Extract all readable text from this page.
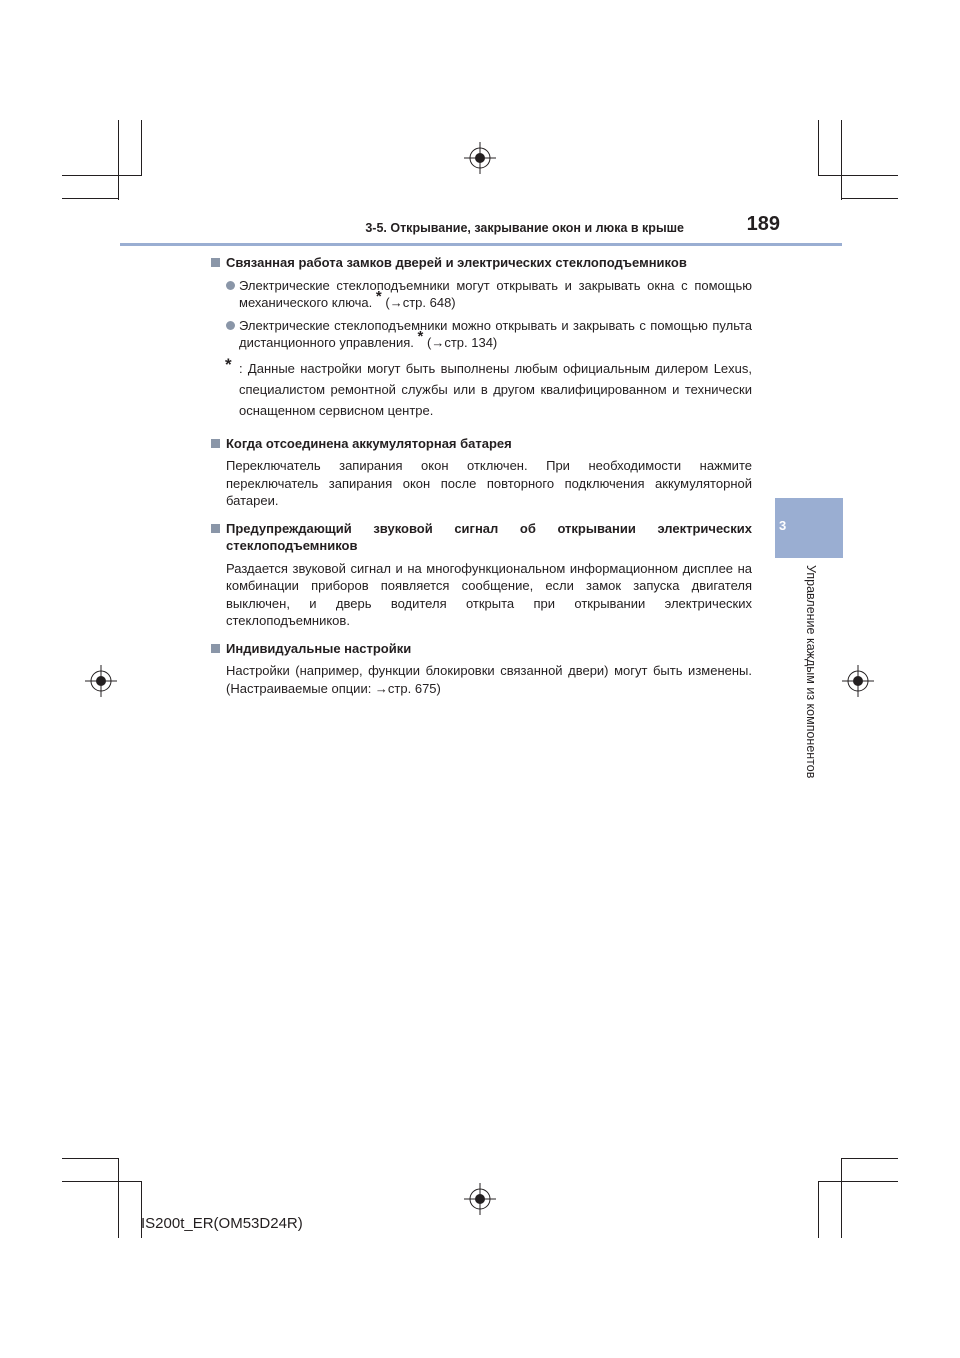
3-5. Открывание, закрывание окон и люка в крыше	189
3
Управление каждым из компонентов
Связанная работа замков дверей и электрических стеклоподъемников
Электрические стеклоподъемники могут открывать и закрывать окна с помощью механического ключа. * (→стр. 648)
Электрические стеклоподъемники можно открывать и закрывать с помощью пульта дистанционного управления. * (→стр. 134)
* : Данные настройки могут быть выполнены любым официальным дилером Lexus, специалистом ремонтной службы или в другом квалифицированном и технически оснащенном сервисном центре.
Когда отсоединена аккумуляторная батарея
Переключатель запирания окон отключен. При необходимости нажмите переключатель запирания окон после повторного подключения аккумуляторной батареи.
Предупреждающий звуковой сигнал об открывании электрических стеклоподъемников
Раздается звуковой сигнал и на многофункциональном информационном дисплее на комбинации приборов появляется сообщение, если замок запуска двигателя выключен, и дверь водителя открыта при открывании электрических стеклоподъемников.
Индивидуальные настройки
Настройки (например, функции блокировки связанной двери) могут быть изменены. (Настраиваемые опции: →стр. 675)
IS200t_ER(OM53D24R)
